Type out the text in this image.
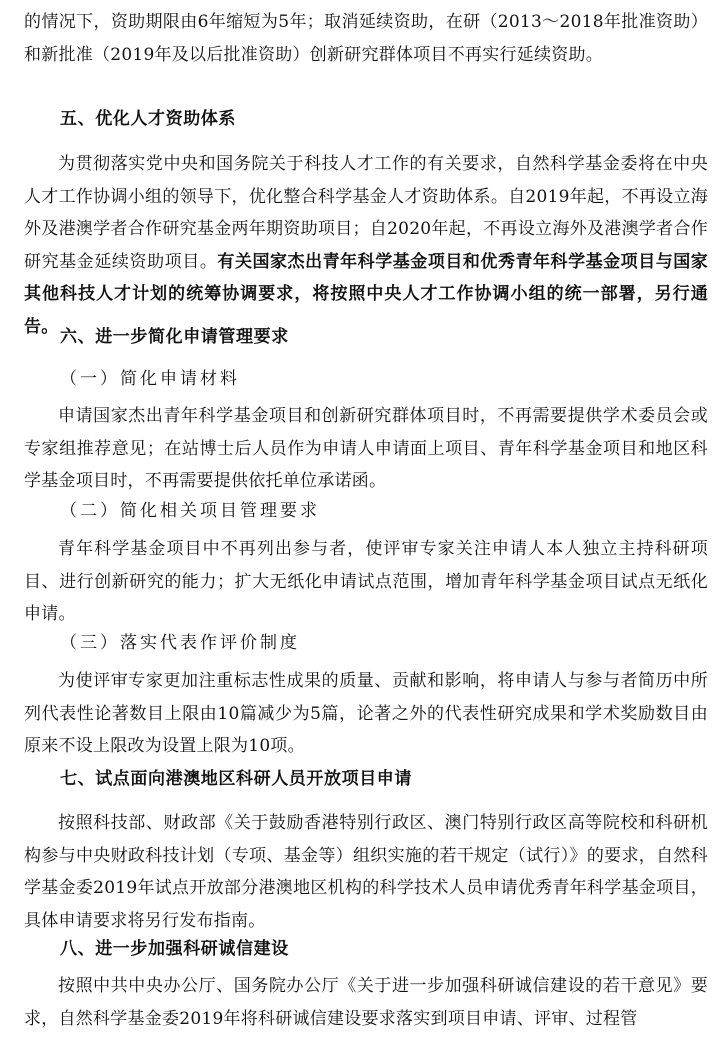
的情况下，资助期限由6年缩短为5年；取消延续资助，在研（2013～2018年批准资助）和新批准（2019年及以后批准资助）创新研究群体项目不再实行延续资助。

五、优化人才资助体系

为贯彻落实党中央和国务院关于科技人才工作的有关要求，自然科学基金委将在中央人才工作协调小组的领导下，优化整合科学基金人才资助体系。自2019年起，不再设立海外及港澳学者合作研究基金两年期资助项目；自2020年起，不再设立海外及港澳学者合作研究基金延续资助项目。有关国家杰出青年科学基金项目和优秀青年科学基金项目与国家其他科技人才计划的统筹协调要求，将按照中央人才工作协调小组的统一部署，另行通告。

六、进一步简化申请管理要求
（一）简化申请材料

申请国家杰出青年科学基金项目和创新研究群体项目时，不再需要提供学术委员会或专家组推荐意见；在站博士后人员作为申请人申请面上项目、青年科学基金项目和地区科学基金项目时，不再需要提供依托单位承诺函。

（二）简化相关项目管理要求

青年科学基金项目中不再列出参与者，使评审专家关注申请人本人独立主持科研项目、进行创新研究的能力；扩大无纸化申请试点范围，增加青年科学基金项目试点无纸化申请。

（三）落实代表作评价制度

为使评审专家更加注重标志性成果的质量、贡献和影响，将申请人与参与者简历中所列代表性论著数目上限由10篇减少为5篇，论著之外的代表性研究成果和学术奖励数目由原来不设上限改为设置上限为10项。

七、试点面向港澳地区科研人员开放项目申请

按照科技部、财政部《关于鼓励香港特别行政区、澳门特别行政区高等院校和科研机构参与中央财政科技计划（专项、基金等）组织实施的若干规定（试行）》的要求，自然科学基金委2019年试点开放部分港澳地区机构的科学技术人员申请优秀青年科学基金项目，具体申请要求将另行发布指南。

八、进一步加强科研诚信建设

按照中共中央办公厅、国务院办公厅《关于进一步加强科研诚信建设的若干意见》要求，自然科学基金委2019年将科研诚信建设要求落实到项目申请、评审、过程管
